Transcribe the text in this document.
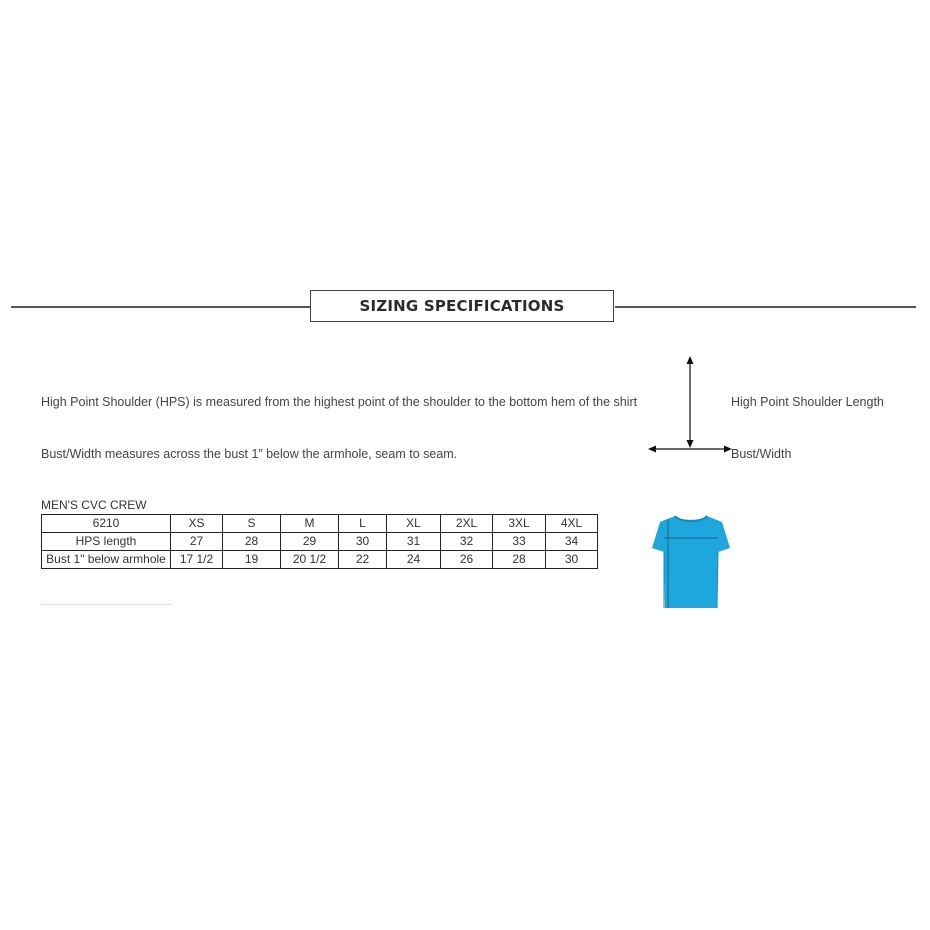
SIZING SPECIFICATIONS
High Point Shoulder (HPS) is measured from the highest point of the shoulder to the bottom hem of the shirt
Bust/Width measures across the bust 1” below the armhole, seam to seam.
High Point Shoulder Length
Bust/Width
MEN'S CVC CREW
6210	XS	S	M	L	XL	2XL	3XL	4XL
HPS length	27	28	29	30	31	32	33	34
Bust 1" below armhole	17 1/2	19	20 1/2	22	24	26	28	30
